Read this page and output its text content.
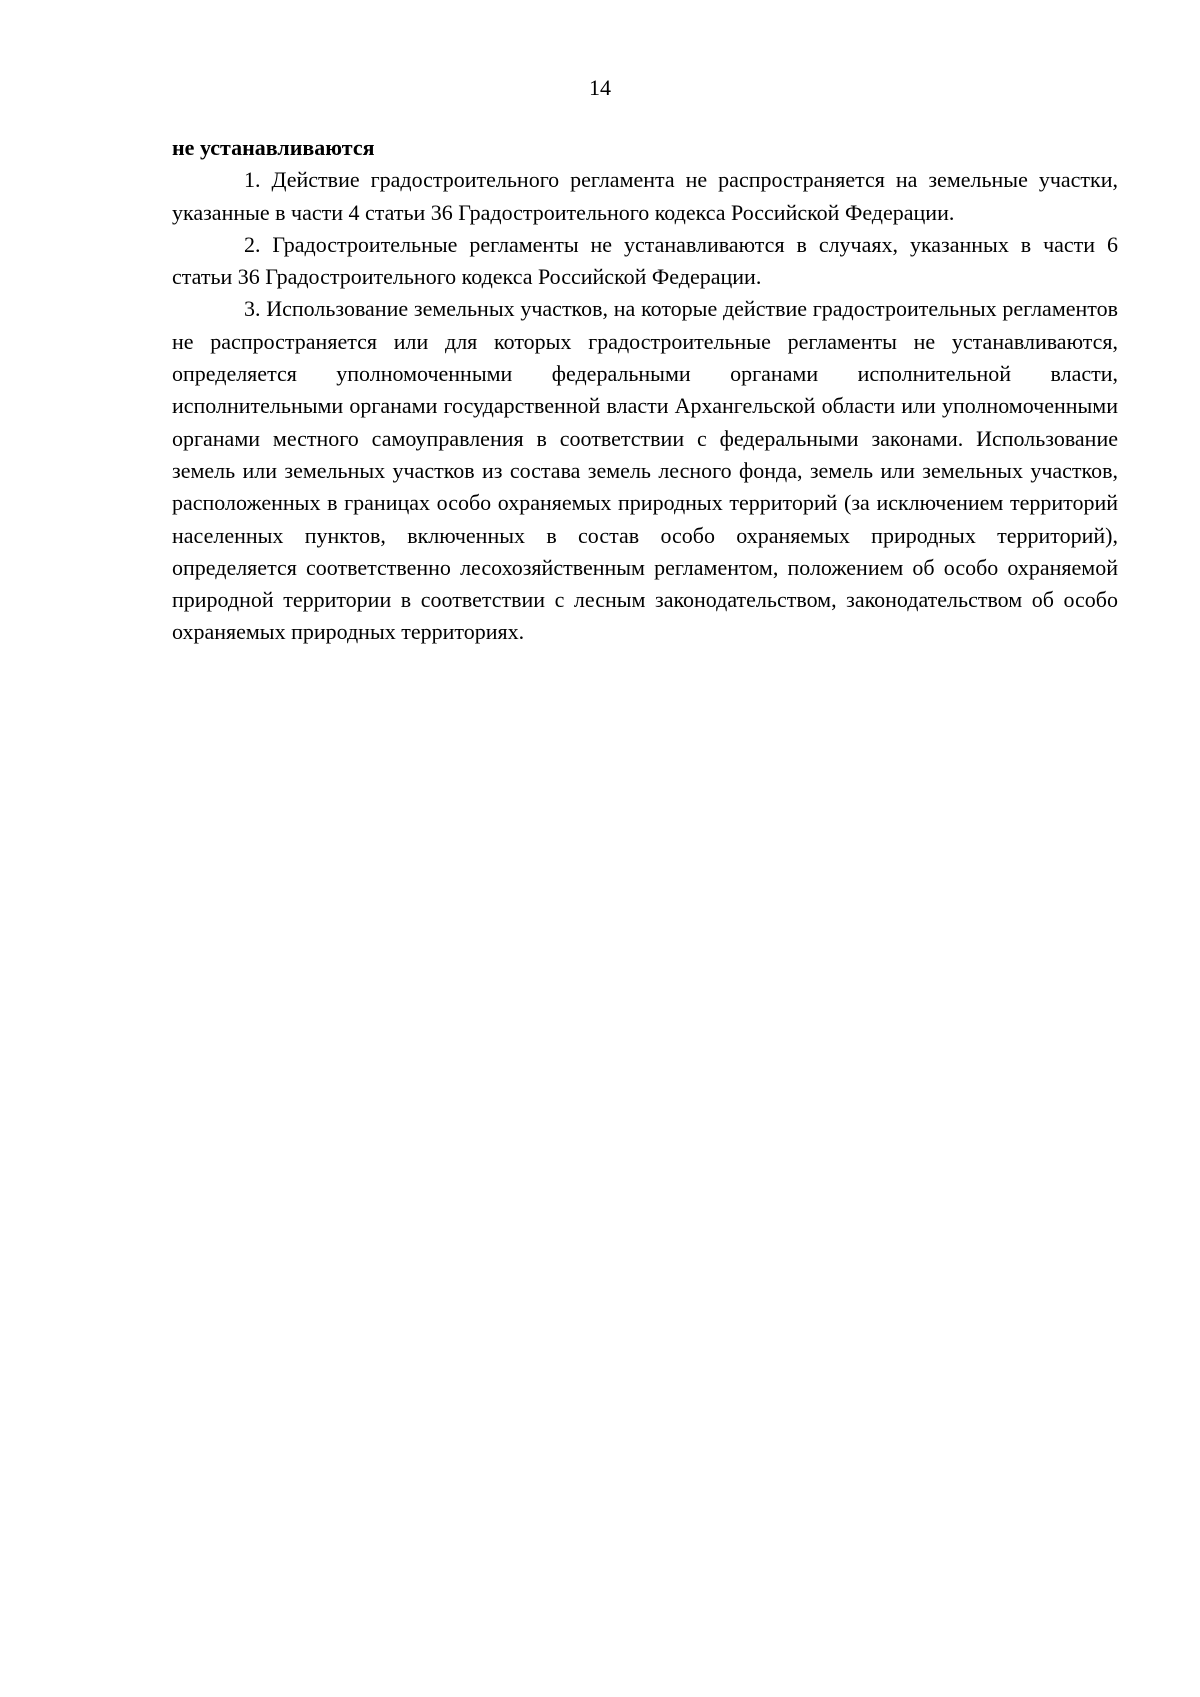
14

не устанавливаются

1. Действие градостроительного регламента не распространяется на земельные участки, указанные в части 4 статьи 36 Градостроительного кодекса Российской Федерации.

2. Градостроительные регламенты не устанавливаются в случаях, указанных в части 6 статьи 36 Градостроительного кодекса Российской Федерации.

3. Использование земельных участков, на которые действие градостроительных регламентов не распространяется или для которых градостроительные регламенты не устанавливаются, определяется уполномоченными федеральными органами исполнительной власти, исполнительными органами государственной власти Архангельской области или уполномоченными органами местного самоуправления в соответствии с федеральными законами. Использование земель или земельных участков из состава земель лесного фонда, земель или земельных участков, расположенных в границах особо охраняемых природных территорий (за исключением территорий населенных пунктов, включенных в состав особо охраняемых природных территорий), определяется соответственно лесохозяйственным регламентом, положением об особо охраняемой природной территории в соответствии с лесным законодательством, законодательством об особо охраняемых природных территориях.
